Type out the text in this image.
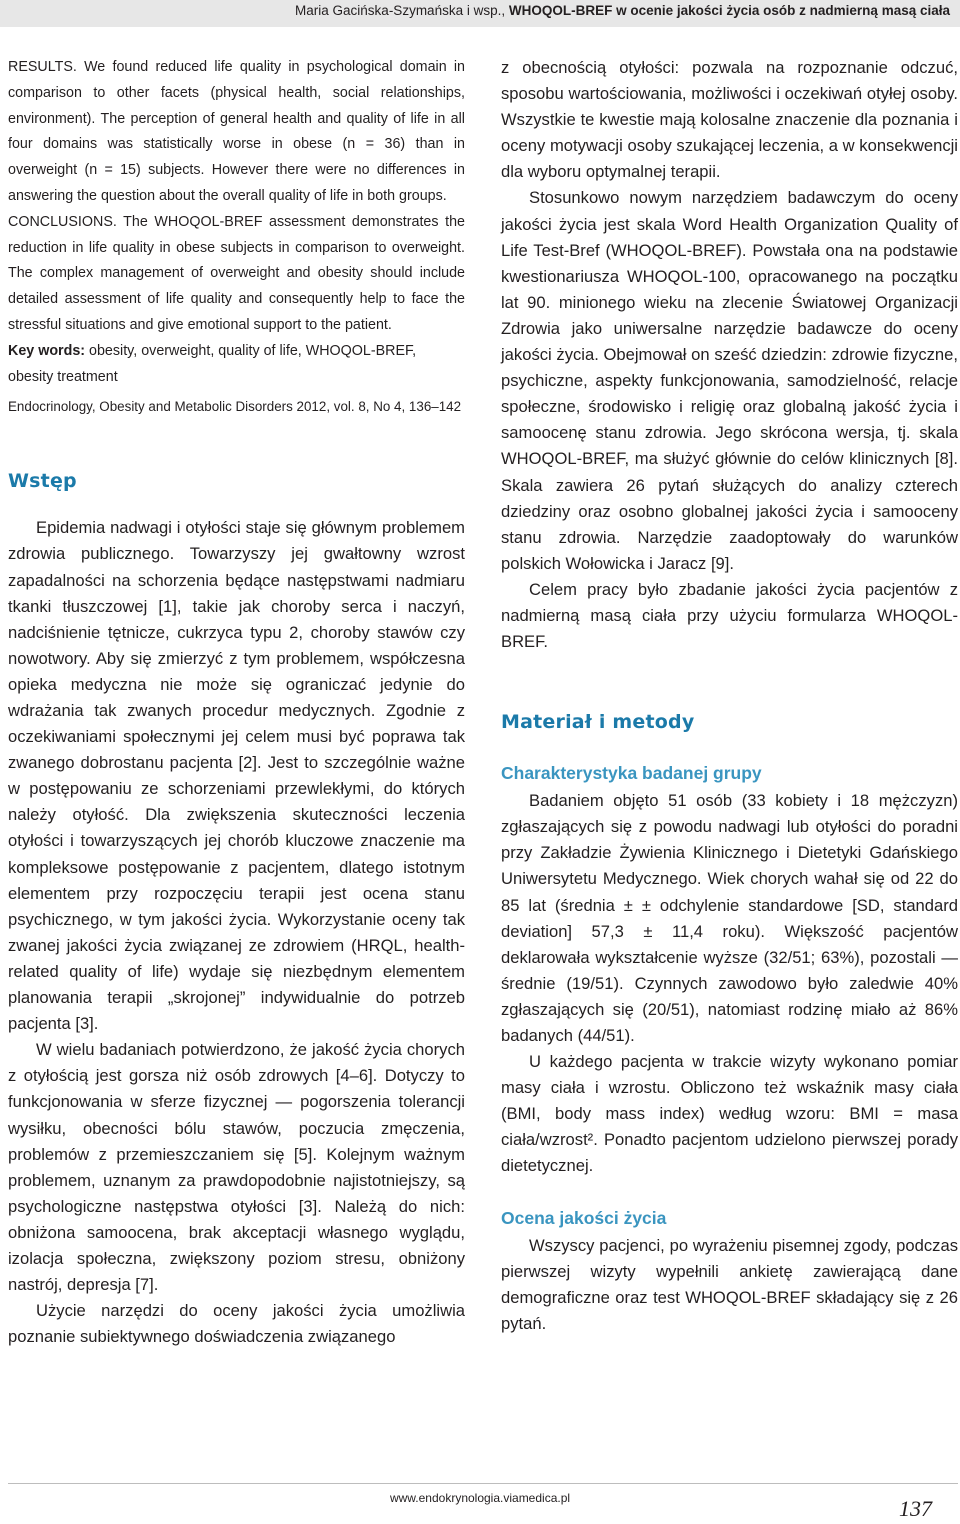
Maria Gacińska-Szymańska i wsp., WHOQOL-BREF w ocenie jakości życia osób z nadmierną masą ciała

RESULTS. We found reduced life quality in psychological domain in comparison to other facets (physical health, social relationships, environment). The perception of general health and quality of life in all four domains was statistically worse in obese (n = 36) than in overweight (n = 15) subjects. However there were no differences in answering the question about the overall quality of life in both groups.

CONCLUSIONS. The WHOQOL-BREF assessment demonstrates the reduction in life quality in obese subjects in comparison to overweight. The complex management of overweight and obesity should include detailed assessment of life quality and consequently help to face the stressful situations and give emotional support to the patient.

Key words: obesity, overweight, quality of life, WHOQOL-BREF, obesity treatment

Endocrinology, Obesity and Metabolic Disorders 2012, vol. 8, No 4, 136–142

Wstęp

Epidemia nadwagi i otyłości staje się głównym problemem zdrowia publicznego. Towarzyszy jej gwałtowny wzrost zapadalności na schorzenia będące następstwami nadmiaru tkanki tłuszczowej [1], takie jak choroby serca i naczyń, nadciśnienie tętnicze, cukrzyca typu 2, choroby stawów czy nowotwory. Aby się zmierzyć z tym problemem, współczesna opieka medyczna nie może się ograniczać jedynie do wdrażania tak zwanych procedur medycznych. Zgodnie z oczekiwaniami społecznymi jej celem musi być poprawa tak zwanego dobrostanu pacjenta [2]. Jest to szczególnie ważne w postępowaniu ze schorzeniami przewlekłymi, do których należy otyłość. Dla zwiększenia skuteczności leczenia otyłości i towarzyszących jej chorób kluczowe znaczenie ma kompleksowe postępowanie z pacjentem, dlatego istotnym elementem przy rozpoczęciu terapii jest ocena stanu psychicznego, w tym jakości życia. Wykorzystanie oceny tak zwanej jakości życia związanej ze zdrowiem (HRQL, health-related quality of life) wydaje się niezbędnym elementem planowania terapii „skrojonej” indywidualnie do potrzeb pacjenta [3].

W wielu badaniach potwierdzono, że jakość życia chorych z otyłością jest gorsza niż osób zdrowych [4–6]. Dotyczy to funkcjonowania w sferze fizycznej — pogorszenia tolerancji wysiłku, obecności bólu stawów, poczucia zmęczenia, problemów z przemieszczaniem się [5]. Kolejnym ważnym problemem, uznanym za prawdopodobnie najistotniejszy, są psychologiczne następstwa otyłości [3]. Należą do nich: obniżona samoocena, brak akceptacji własnego wyglądu, izolacja społeczna, zwiększony poziom stresu, obniżony nastrój, depresja [7].

Użycie narzędzi do oceny jakości życia umożliwia poznanie subiektywnego doświadczenia związanego

z obecnością otyłości: pozwala na rozpoznanie odczuć, sposobu wartościowania, możliwości i oczekiwań otyłej osoby. Wszystkie te kwestie mają kolosalne znaczenie dla poznania i oceny motywacji osoby szukającej leczenia, a w konsekwencji dla wyboru optymalnej terapii.

Stosunkowo nowym narzędziem badawczym do oceny jakości życia jest skala Word Health Organization Quality of Life Test-Bref (WHOQOL-BREF). Powstała ona na podstawie kwestionariusza WHOQOL-100, opracowanego na początku lat 90. minionego wieku na zlecenie Światowej Organizacji Zdrowia jako uniwersalne narzędzie badawcze do oceny jakości życia. Obejmował on sześć dziedzin: zdrowie fizyczne, psychiczne, aspekty funkcjonowania, samodzielność, relacje społeczne, środowisko i religię oraz globalną jakość życia i samoocenę stanu zdrowia. Jego skrócona wersja, tj. skala WHOQOL-BREF, ma służyć głównie do celów klinicznych [8]. Skala zawiera 26 pytań służących do analizy czterech dziedziny oraz osobno globalnej jakości życia i samooceny stanu zdrowia. Narzędzie zaadoptowały do warunków polskich Wołowicka i Jaracz [9].

Celem pracy było zbadanie jakości życia pacjentów z nadmierną masą ciała przy użyciu formularza WHOQOL-BREF.

Materiał i metody
Charakterystyka badanej grupy

Badaniem objęto 51 osób (33 kobiety i 18 mężczyzn) zgłaszających się z powodu nadwagi lub otyłości do poradni przy Zakładzie Żywienia Klinicznego i Dietetyki Gdańskiego Uniwersytetu Medycznego. Wiek chorych wahał się od 22 do 85 lat (średnia ± ± odchylenie standardowe [SD, standard deviation] 57,3 ± 11,4 roku). Większość pacjentów deklarowała wykształcenie wyższe (32/51; 63%), pozostali — średnie (19/51). Czynnych zawodowo było zaledwie 40% zgłaszających się (20/51), natomiast rodzinę miało aż 86% badanych (44/51).

U każdego pacjenta w trakcie wizyty wykonano pomiar masy ciała i wzrostu. Obliczono też wskaźnik masy ciała (BMI, body mass index) według wzoru: BMI = masa ciała/wzrost². Ponadto pacjentom udzielono pierwszej porady dietetycznej.

Ocena jakości życia

Wszyscy pacjenci, po wyrażeniu pisemnej zgody, podczas pierwszej wizyty wypełnili ankietę zawierającą dane demograficzne oraz test WHOQOL-BREF składający się z 26 pytań.

www.endokrynologia.viamedica.pl	137
